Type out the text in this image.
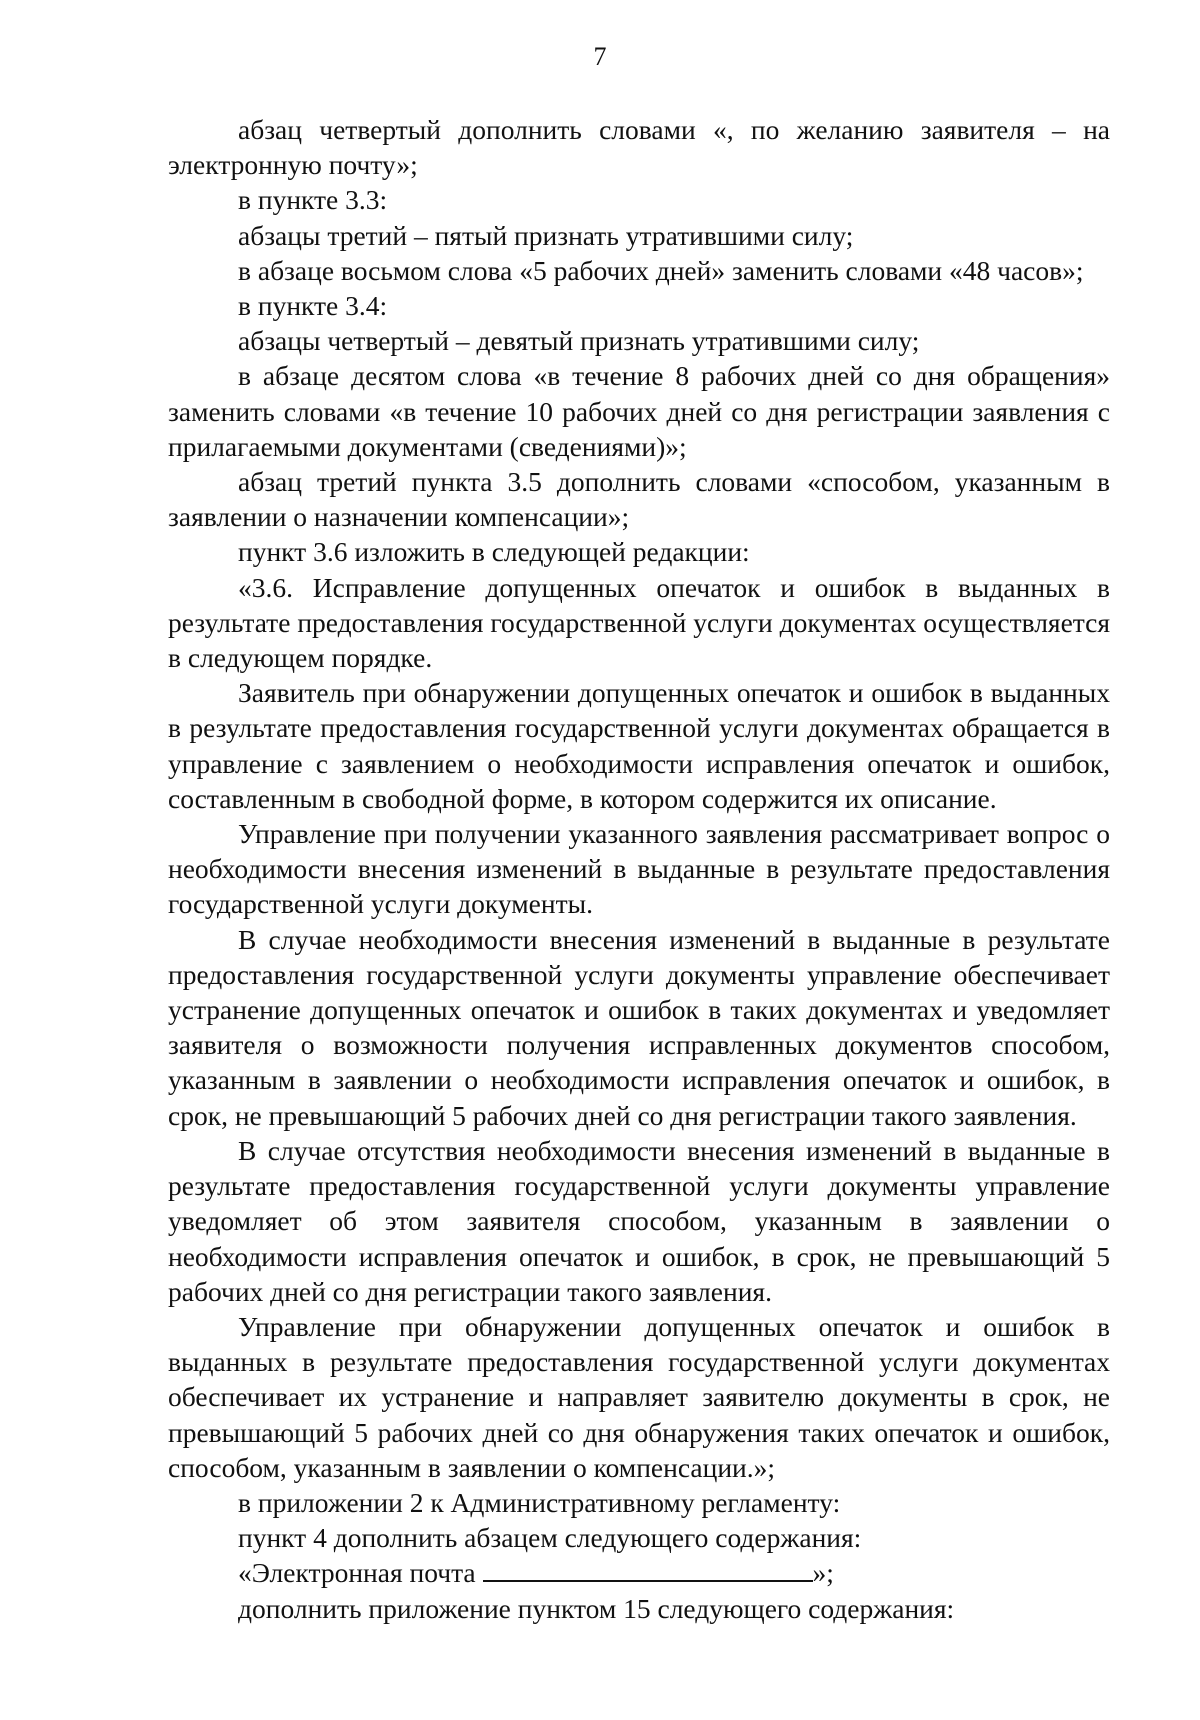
7

абзац четвертый дополнить словами «, по желанию заявителя – на электронную почту»;

в пункте 3.3:

абзацы третий – пятый признать утратившими силу;

в абзаце восьмом слова «5 рабочих дней» заменить словами «48 часов»;

в пункте 3.4:

абзацы четвертый – девятый признать утратившими силу;

в абзаце десятом слова «в течение 8 рабочих дней со дня обращения» заменить словами «в течение 10 рабочих дней со дня регистрации заявления с прилагаемыми документами (сведениями)»;

абзац третий пункта 3.5 дополнить словами «способом, указанным в заявлении о назначении компенсации»;

пункт 3.6 изложить в следующей редакции:

«3.6. Исправление допущенных опечаток и ошибок в выданных в результате предоставления государственной услуги документах осуществляется в следующем порядке.

Заявитель при обнаружении допущенных опечаток и ошибок в выданных в результате предоставления государственной услуги документах обращается в управление с заявлением о необходимости исправления опечаток и ошибок, составленным в свободной форме, в котором содержится их описание.

Управление при получении указанного заявления рассматривает вопрос о необходимости внесения изменений в выданные в результате предоставления государственной услуги документы.

В случае необходимости внесения изменений в выданные в результате предоставления государственной услуги документы управление обеспечивает устранение допущенных опечаток и ошибок в таких документах и уведомляет заявителя о возможности получения исправленных документов способом, указанным в заявлении о необходимости исправления опечаток и ошибок, в срок, не превышающий 5 рабочих дней со дня регистрации такого заявления.

В случае отсутствия необходимости внесения изменений в выданные в результате предоставления государственной услуги документы управление уведомляет об этом заявителя способом, указанным в заявлении о необходимости исправления опечаток и ошибок, в срок, не превышающий 5 рабочих дней со дня регистрации такого заявления.

Управление при обнаружении допущенных опечаток и ошибок в выданных в результате предоставления государственной услуги документах обеспечивает их устранение и направляет заявителю документы в срок, не превышающий 5 рабочих дней со дня обнаружения таких опечаток и ошибок, способом, указанным в заявлении о компенсации.»;

в приложении 2 к Административному регламенту:

пункт 4 дополнить абзацем следующего содержания:

«Электронная почта	»;

дополнить приложение пунктом 15 следующего содержания:
